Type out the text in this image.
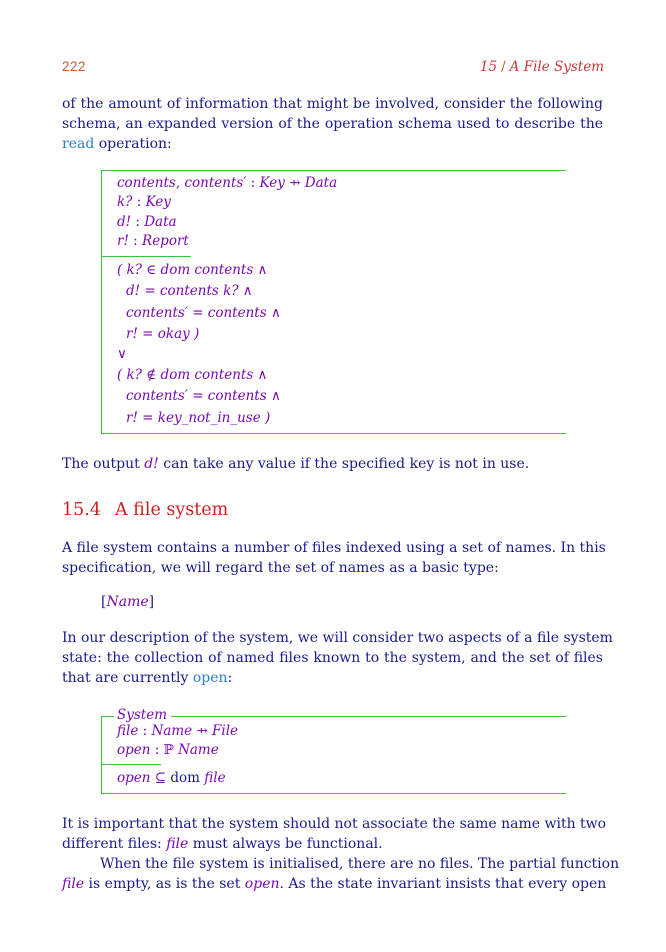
222	15 / A File System
of the amount of information that might be involved, consider the following
schema, an expanded version of the operation schema used to describe the
read operation:
contents, contents′ : Key ⇸ Data
k? : Key
d! : Data
r! : Report
( k? ∈ dom contents ∧
d! = contents k? ∧
contents′ = contents ∧
r! = okay )
∨
( k? ∉ dom contents ∧
contents′ = contents ∧
r! = key_not_in_use )
The output d! can take any value if the specified key is not in use.
15.4 A file system
A file system contains a number of files indexed using a set of names. In this
specification, we will regard the set of names as a basic type:
[Name]
In our description of the system, we will consider two aspects of a file system
state: the collection of named files known to the system, and the set of files
that are currently open:
System
file : Name ⇸ File
open : ℙ Name
open ⊆ dom file
It is important that the system should not associate the same name with two
different files: file must always be functional.
When the file system is initialised, there are no files. The partial function
file is empty, as is the set open. As the state invariant insists that every open
